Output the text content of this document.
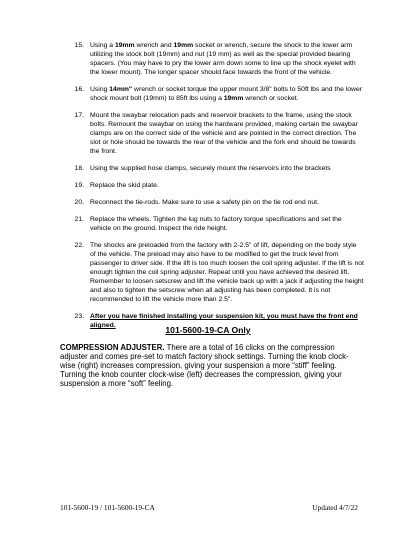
15. Using a 19mm wrench and 19mm socket or wrench, secure the shock to the lower arm utilizing the stock bolt (19mm) and nut (19 mm) as well as the special provided bearing spacers. (You may have to pry the lower arm down some to line up the shock eyelet with the lower mount). The longer spacer should face towards the front of the vehicle.
16. Using 14mm" wrench or socket torque the upper mount 3/8" bolts to 50ft lbs and the lower shock mount bolt (19mm) to 85ft lbs using a 19mm wrench or socket.
17. Mount the swaybar relocation pads and reservoir brackets to the frame, using the stock bolts. Remount the swaybar on using the hardware provided, making certain the swaybar clamps are on the correct side of the vehicle and are pointed in the correct direction. The slot or hole should be towards the rear of the vehicle and the fork end should be towards the front.
18. Using the supplied hose clamps, securely mount the reservoirs into the brackets
19. Replace the skid plate.
20. Reconnect the tie-rods. Make sure to use a safety pin on the tie rod end nut.
21. Replace the wheels. Tighten the lug nuts to factory torque specifications and set the vehicle on the ground. Inspect the ride height.
22. The shocks are preloaded from the factory with 2-2.5" of lift, depending on the body style of the vehicle. The preload may also have to be modified to get the truck level from passenger to driver side. If the lift is too much loosen the coil spring adjuster. If the lift is not enough tighten the coil spring adjuster. Repeat until you have achieved the desired lift. Remember to loosen setscrew and lift the vehicle back up with a jack if adjusting the height and also to tighten the setscrew when all adjusting has been completed. It is not recommended to lift the vehicle more than 2.5".
23. After you have finished installing your suspension kit, you must have the front end aligned.	101-5600-19-CA Only
COMPRESSION ADJUSTER. There are a total of 16 clicks on the compression adjuster and comes pre-set to match factory shock settings. Turning the knob clock-wise (right) increases compression, giving your suspension a more “stiff” feeling. Turning the knob counter clock-wise (left) decreases the compression, giving your suspension a more “soft” feeling.
101-5600-19 / 101-5600-19-CA	Updated 4/7/22
